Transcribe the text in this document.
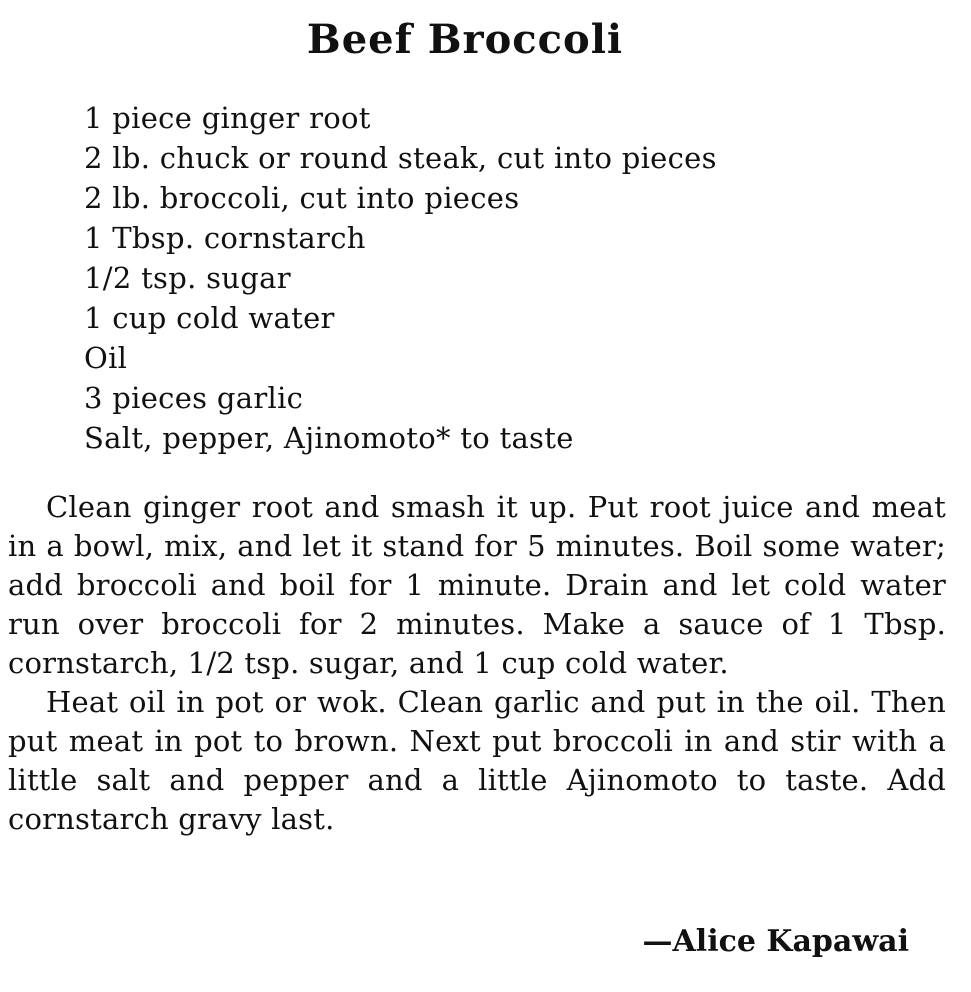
Beef Broccoli
1 piece ginger root
2 lb. chuck or round steak, cut into pieces
2 lb. broccoli, cut into pieces
1 Tbsp. cornstarch
1/2 tsp. sugar
1 cup cold water
Oil
3 pieces garlic
Salt, pepper, Ajinomoto* to taste

Clean ginger root and smash it up. Put root juice and meat in a bowl, mix, and let it stand for 5 minutes. Boil some water; add broccoli and boil for 1 minute. Drain and let cold water run over broccoli for 2 minutes. Make a sauce of 1 Tbsp. cornstarch, 1/2 tsp. sugar, and 1 cup cold water.

Heat oil in pot or wok. Clean garlic and put in the oil. Then put meat in pot to brown. Next put broccoli in and stir with a little salt and pepper and a little Ajinomoto to taste. Add cornstarch gravy last.

—Alice Kapawai
